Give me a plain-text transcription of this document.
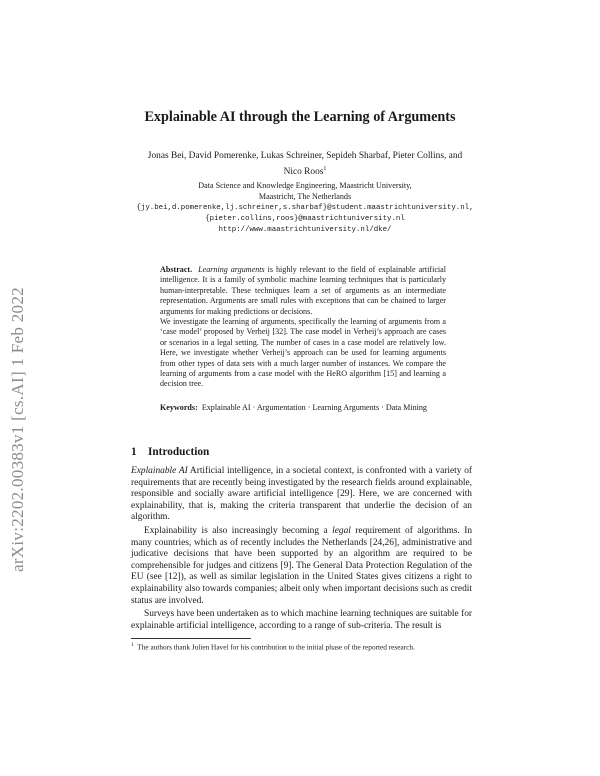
arXiv:2202.00383v1 [cs.AI] 1 Feb 2022
Explainable AI through the Learning of Arguments
Jonas Bei, David Pomerenke, Lukas Schreiner, Sepideh Sharbaf, Pieter Collins, and
Nico Roos$^1$
Data Science and Knowledge Engineering, Maastricht University,
Maastricht, The Netherlands
{jy.bei,d.pomerenke,lj.schreiner,s.sharbaf}@student.maastrichtuniversity.nl,
{pieter.collins,roos}@maastrichtuniversity.nl
http://www.maastrichtuniversity.nl/dke/
Abstract. Learning arguments is highly relevant to the field of explainable artificial intelligence. It is a family of symbolic machine learning techniques that is particularly human-interpretable. These techniques learn a set of arguments as an intermediate representation. Arguments are small rules with exceptions that can be chained to larger arguments for making predictions or decisions.
We investigate the learning of arguments, specifically the learning of arguments from a ‘case model’ proposed by Verheij [32]. The case model in Verheij’s approach are cases or scenarios in a legal setting. The number of cases in a case model are relatively low. Here, we investigate whether Verheij’s approach can be used for learning arguments from other types of data sets with a much larger number of instances. We compare the learning of arguments from a case model with the HeRO algorithm [15] and learning a decision tree.
Keywords: Explainable AI · Argumentation · Learning Arguments · Data Mining
1 Introduction

Explainable AI Artificial intelligence, in a societal context, is confronted with a variety of requirements that are recently being investigated by the research fields around explainable, responsible and socially aware artificial intelligence [29]. Here, we are concerned with explainability, that is, making the criteria transparent that underlie the decision of an algorithm.

Explainability is also increasingly becoming a legal requirement of algorithms. In many countries, which as of recently includes the Netherlands [24,26], administrative and judicative decisions that have been supported by an algorithm are required to be comprehensible for judges and citizens [9]. The General Data Protection Regulation of the EU (see [12]), as well as similar legislation in the United States gives citizens a right to explainability also towards companies; albeit only when important decisions such as credit status are involved.

Surveys have been undertaken as to which machine learning techniques are suitable for explainable artificial intelligence, according to a range of sub-criteria. The result is

$^1$ The authors thank Julien Havel for his contribution to the initial phase of the reported research.
